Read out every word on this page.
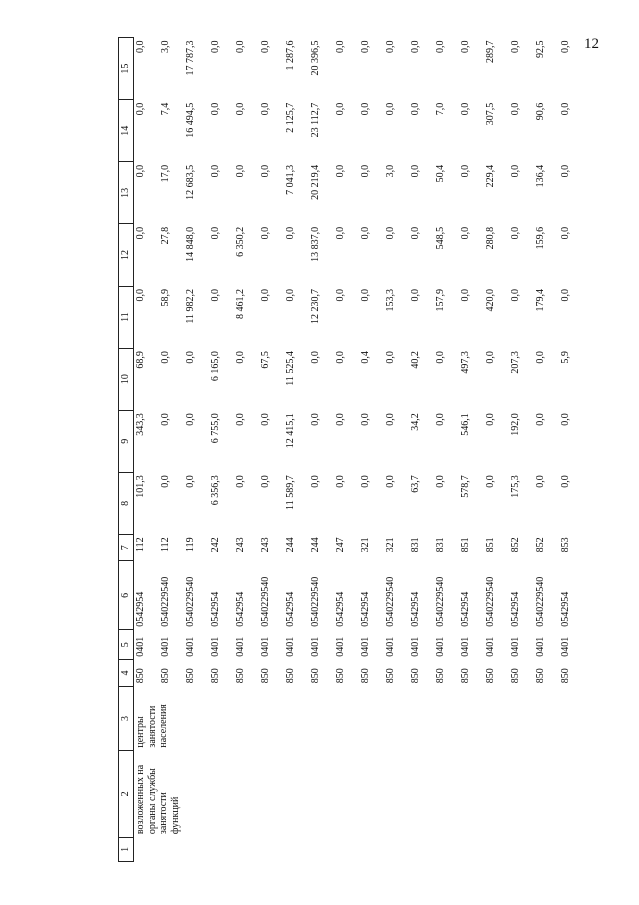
12
1	2	3	4	5	6	7	8	9	10	11	12	13	14	15
	возложенных на органы службы занятости функций	центры занятости населения	850	0401	0542954	112	101,3	343,3	68,9	0,0	0,0	0,0	0,0	0,0
			850	0401	0540229540	112	0,0	0,0	0,0	58,9	27,8	17,0	7,4	3,0
			850	0401	0540229540	119	0,0	0,0	0,0	11 982,2	14 848,0	12 683,5	16 494,5	17 787,3
			850	0401	0542954	242	6 356,3	6 755,0	6 165,0	0,0	0,0	0,0	0,0	0,0
			850	0401	0542954	243	0,0	0,0	0,0	8 461,2	6 350,2	0,0	0,0	0,0
			850	0401	0540229540	243	0,0	0,0	67,5	0,0	0,0	0,0	0,0	0,0
			850	0401	0542954	244	11 589,7	12 415,1	11 525,4	0,0	0,0	7 041,3	2 125,7	1 287,6
			850	0401	0540229540	244	0,0	0,0	0,0	12 230,7	13 837,0	20 219,4	23 112,7	20 396,5
			850	0401	0542954	247	0,0	0,0	0,0	0,0	0,0	0,0	0,0	0,0
			850	0401	0542954	321	0,0	0,0	0,4	0,0	0,0	0,0	0,0	0,0
			850	0401	0540229540	321	0,0	0,0	0,0	153,3	0,0	3,0	0,0	0,0
			850	0401	0542954	831	63,7	34,2	40,2	0,0	0,0	0,0	0,0	0,0
			850	0401	0540229540	831	0,0	0,0	0,0	157,9	548,5	50,4	7,0	0,0
			850	0401	0542954	851	578,7	546,1	497,3	0,0	0,0	0,0	0,0	0,0
			850	0401	0540229540	851	0,0	0,0	0,0	420,0	280,8	229,4	307,5	289,7
			850	0401	0542954	852	175,3	192,0	207,3	0,0	0,0	0,0	0,0	0,0
			850	0401	0540229540	852	0,0	0,0	0,0	179,4	159,6	136,4	90,6	92,5
			850	0401	0542954	853	0,0	0,0	5,9	0,0	0,0	0,0	0,0	0,0
